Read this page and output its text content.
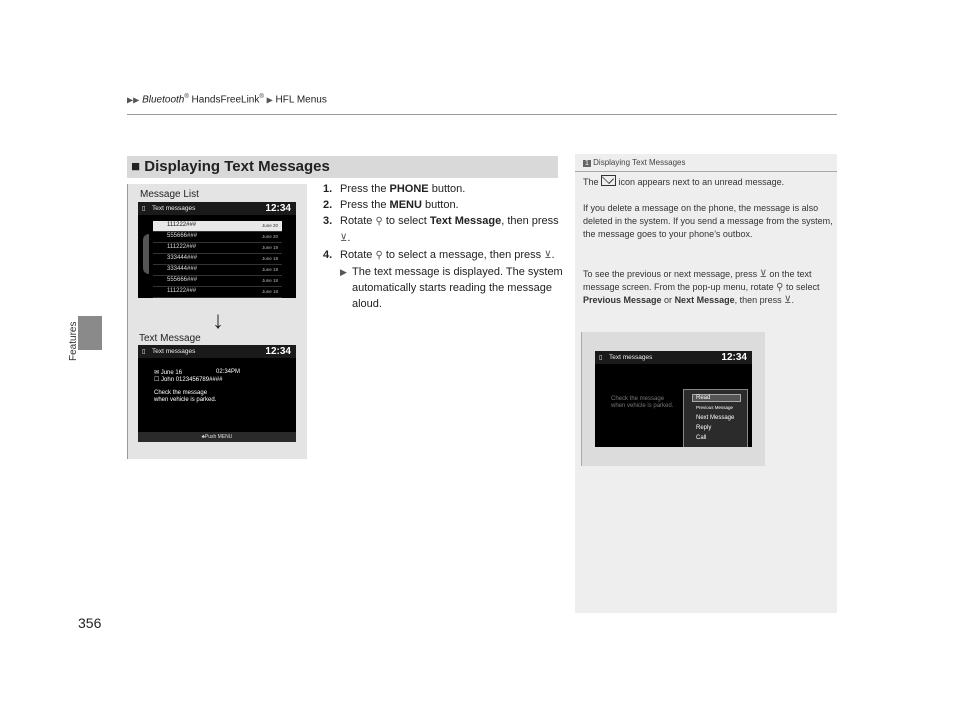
▶▶ Bluetooth® HandsFreeLink® ▶ HFL Menus
Features
356
■ Displaying Text Messages
Message List
▯ Text messages	12:34
111222###	June 20
555666###	June 20
111222###	June 19
333444###	June 18
333444###	June 18
555666###	June 18
111222###	June 18
↓
Text Message
▯ Text messages	12:34
✉ June 16	02:34PM
☐ John 0123456789####
Check the message
when vehicle is parked.
♣Push MENU
1. Press the PHONE button.
2. Press the MENU button.
3. Rotate ⚲ to select Text Message, then press ⊻.
4. Rotate ⚲ to select a message, then press ⊻.
▶ The text message is displayed. The system automatically starts reading the message aloud.
1 Displaying Text Messages

The  icon appears next to an unread message.

If you delete a message on the phone, the message is also deleted in the system. If you send a message from the system, the message goes to your phone’s outbox.

To see the previous or next message, press ⊻ on the text message screen. From the pop-up menu, rotate ⚲ to select Previous Message or Next Message, then press ⊻.

▯ Text messages	12:34
Check the message
when vehicle is parked.
Read
Previous Message
Next Message
Reply
Call
